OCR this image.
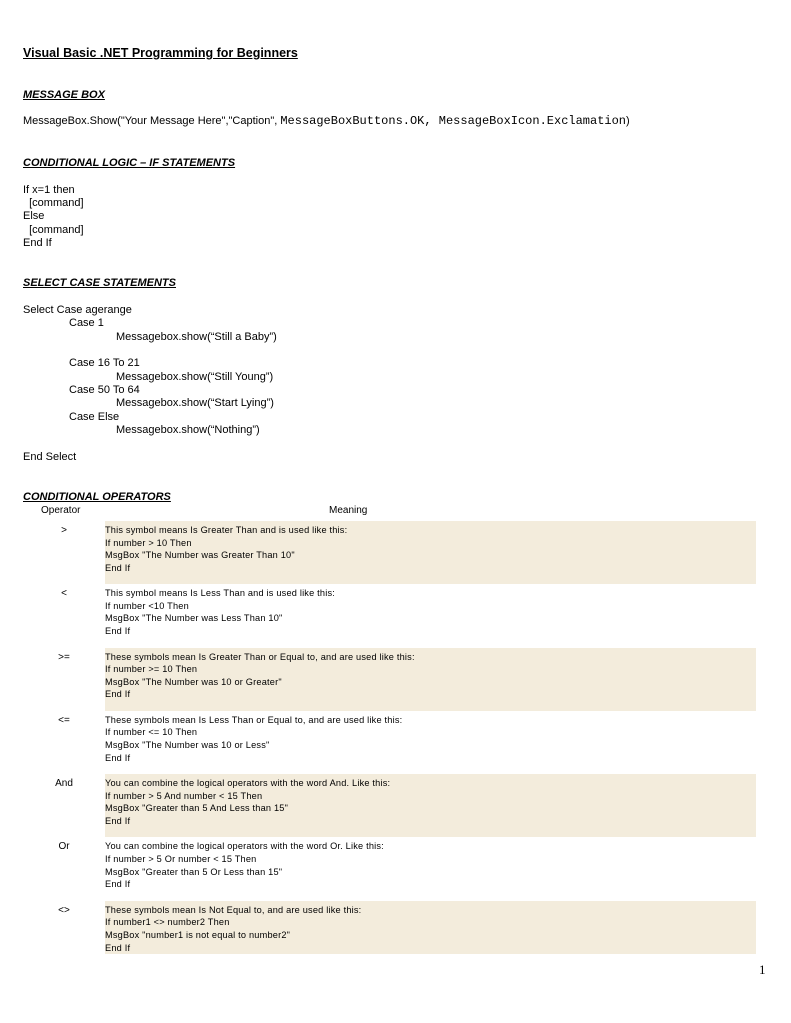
Visual Basic .NET Programming for Beginners
MESSAGE BOX
MessageBox.Show("Your Message Here","Caption", MessageBoxButtons.OK, MessageBoxIcon.Exclamation)
CONDITIONAL LOGIC – IF STATEMENTS
If x=1 then
[command]
Else
[command]
End If
SELECT CASE STATEMENTS
Select Case agerange
Case 1
Messagebox.show(“Still a Baby”)
Case 16 To 21
Messagebox.show(“Still Young”)
Case 50 To 64
Messagebox.show(“Start Lying”)
Case Else
Messagebox.show(“Nothing”)
End Select
CONDITIONAL OPERATORS
Operator	Meaning
>	This symbol means Is Greater Than and is used like this:
If number > 10 Then
MsgBox "The Number was Greater Than 10"
End If
<	This symbol means Is Less Than and is used like this:
If number <10 Then
MsgBox "The Number was Less Than 10"
End If
>=	These symbols mean Is Greater Than or Equal to, and are used like this:
If number >= 10 Then
MsgBox "The Number was 10 or Greater"
End If
<=	These symbols mean Is Less Than or Equal to, and are used like this:
If number <= 10 Then
MsgBox "The Number was 10 or Less"
End If
And	You can combine the logical operators with the word And. Like this:
If number > 5 And number < 15 Then
MsgBox "Greater than 5 And Less than 15"
End If
Or	You can combine the logical operators with the word Or. Like this:
If number > 5 Or number < 15 Then
MsgBox "Greater than 5 Or Less than 15"
End If
<>	These symbols mean Is Not Equal to, and are used like this:
If number1 <> number2 Then
MsgBox "number1 is not equal to number2"
End If
1
